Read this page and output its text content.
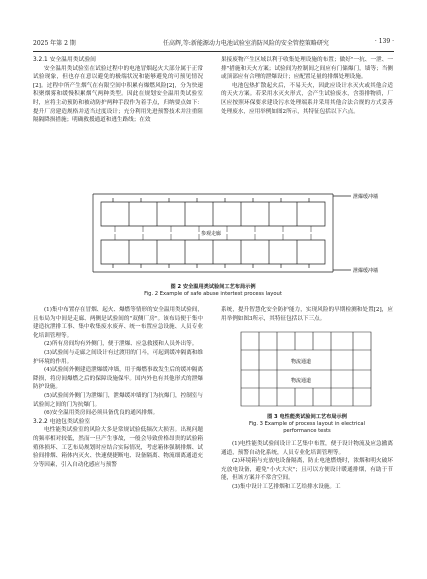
2025 年第 2 期	任高辉,等:新能源动力电池试验室消防风险的安全管控策略研究	· 139 ·
3.2.1 安全温用类试验间

安全温用类试验室在试验过程中的电池冒烟起火大部分属于正常试验现象，但也存在意以避免的极端状况和能够避免的可预见情况[2]。过程中所产生烟气在有限空间中积累有爆燃风险[2]，分为快速积聚烟雾和缓慢积累烟气两种类型。因此在规划安全温用类试验室时，应将主动预防和被动防护两种手段作为着手点，归纳要点如下：提升厂房建造规格并适当过度设计；充分利用先进预警技术并注重阻隔隔降损措施；明确救援通道和逃生路线；在效

果接废物产生区域以利于收集处理设施的布置；做好"一抗、一泄、一排"措施和天火方案；试验间为控制间之间应有门储爆门，墙等；当侧或顶部应有合理的泄爆设计；应配置足量的排烟处理设施。

电池包热扩散起火后，不易天火，因此应设计水灭火或其他合适的天火方案。若采用水灭火形式，会产生试验废水，含墨排物质，厂区应按照环保要求建设污水处理端系并采用其他合法合规的方式妥善处理废水，应用举例如图2所示，其特征包括以下六点。

泄爆缓冲墙
参观走廊
泄爆缓冲墙
图 2 安全温用类试验间工艺布局示例
Fig. 2 Example of safe abuse intertest process layout

(1)集中布置存在冒烟、起火、爆燃等情形的安全温用类试验间，且布局为中间是走廊、两侧是试验间的"双侧厂房"。该布局便于集中建造抗泄排工事、集中收集废水废弃、统一布置应急设施、人员专业化培训管理等。

(2)所有房间均有外侧门，便于泄爆、应急救援和人员外出等。

(3)试验间与走廊之间设计有过渡用的门斗，可起到缓冲隔离和维护环境的作用。

(4)试验间外侧建造泄爆缓冲墙，用于爆燃事故发生后的缓冲隔离降损，将房间爆燃之后的保障设施保牢。国内外也有其他形式的泄爆防护设施。

(5)试验间外侧门为泄爆门，泄爆缓冲墙的门为抗爆门，控制室与试验间之间的门为抗爆门。

(6)安全温用类房间必须具备优良的通风排烟。

3.2.2 电池包类试验室

电性能类试验室的风险大多是常规试验低频次大损害。出现问题的频率相对较低，然而一旦产生事故，一般会导致价格昂贵的试验箱殖体损坏、工艺布局规划时应结合实际情况，考虑箱体强制排烟、试验间排烟、箱体内灭火、快速便捷断电、设备隔离、物流细离通道充分等因素，引入自动化感应与预警

系统，提升智慧化安全防护能力，实现风险的早期检测和处置[2]，应用举例如图3所示，其特征包括以下三点。

物流通道
物流通道
图 3 电性能类试验间工艺布局示例
Fig. 3 Example of process layout in electrical
performance tests

(1)电性能类试验间设计工艺集中布置，便于设计物流及应急撤离通道，预警自动化系统，人员专业化培训管理等。

(2)环境箱与充放电设备隔离，防止电池燃烧时，浓烟和明火破坏充放电设备，避免"小火大灾"；且可以方便设计暖通排烟，有助于节能，但该方案并不常含空间。

(3)集中设计工艺排烟和工艺给排水设施。工
